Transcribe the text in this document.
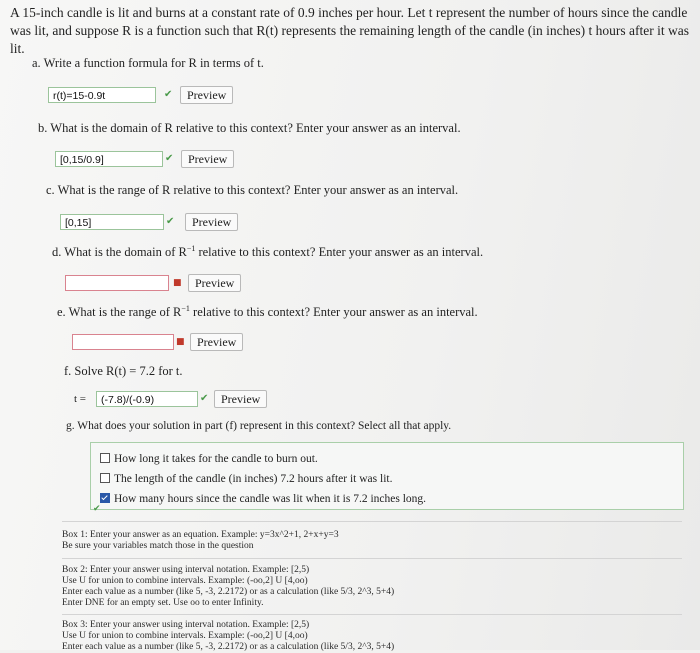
A 15-inch candle is lit and burns at a constant rate of 0.9 inches per hour. Let t represent the number of hours since the candle was lit, and suppose R is a function such that R(t) represents the remaining length of the candle (in inches) t hours after it was lit.
a. Write a function formula for R in terms of t.
r(t)=15-0.9t	✔	Preview
b. What is the domain of R relative to this context? Enter your answer as an interval.
[0,15/0.9]	✔	Preview
c. What is the range of R relative to this context? Enter your answer as an interval.
[0,15]	✔	Preview
d. What is the domain of $R^{-1}$ relative to this context? Enter your answer as an interval.
■	Preview
e. What is the range of $R^{-1}$ relative to this context? Enter your answer as an interval.
■	Preview
f. Solve R(t) = 7.2 for t.
t =	(-7.8)/(-0.9)	✔	Preview
g. What does your solution in part (f) represent in this context? Select all that apply.
How long it takes for the candle to burn out.
The length of the candle (in inches) 7.2 hours after it was lit.
How many hours since the candle was lit when it is 7.2 inches long.
✔
Box 1: Enter your answer as an equation. Example: y=3x^2+1, 2+x+y=3
Be sure your variables match those in the question
Box 2: Enter your answer using interval notation. Example: [2,5)
Use U for union to combine intervals. Example: (-oo,2] U [4,oo)
Enter each value as a number (like 5, -3, 2.2172) or as a calculation (like 5/3, 2^3, 5+4)
Enter DNE for an empty set. Use oo to enter Infinity.
Box 3: Enter your answer using interval notation. Example: [2,5)
Use U for union to combine intervals. Example: (-oo,2] U [4,oo)
Enter each value as a number (like 5, -3, 2.2172) or as a calculation (like 5/3, 2^3, 5+4)
